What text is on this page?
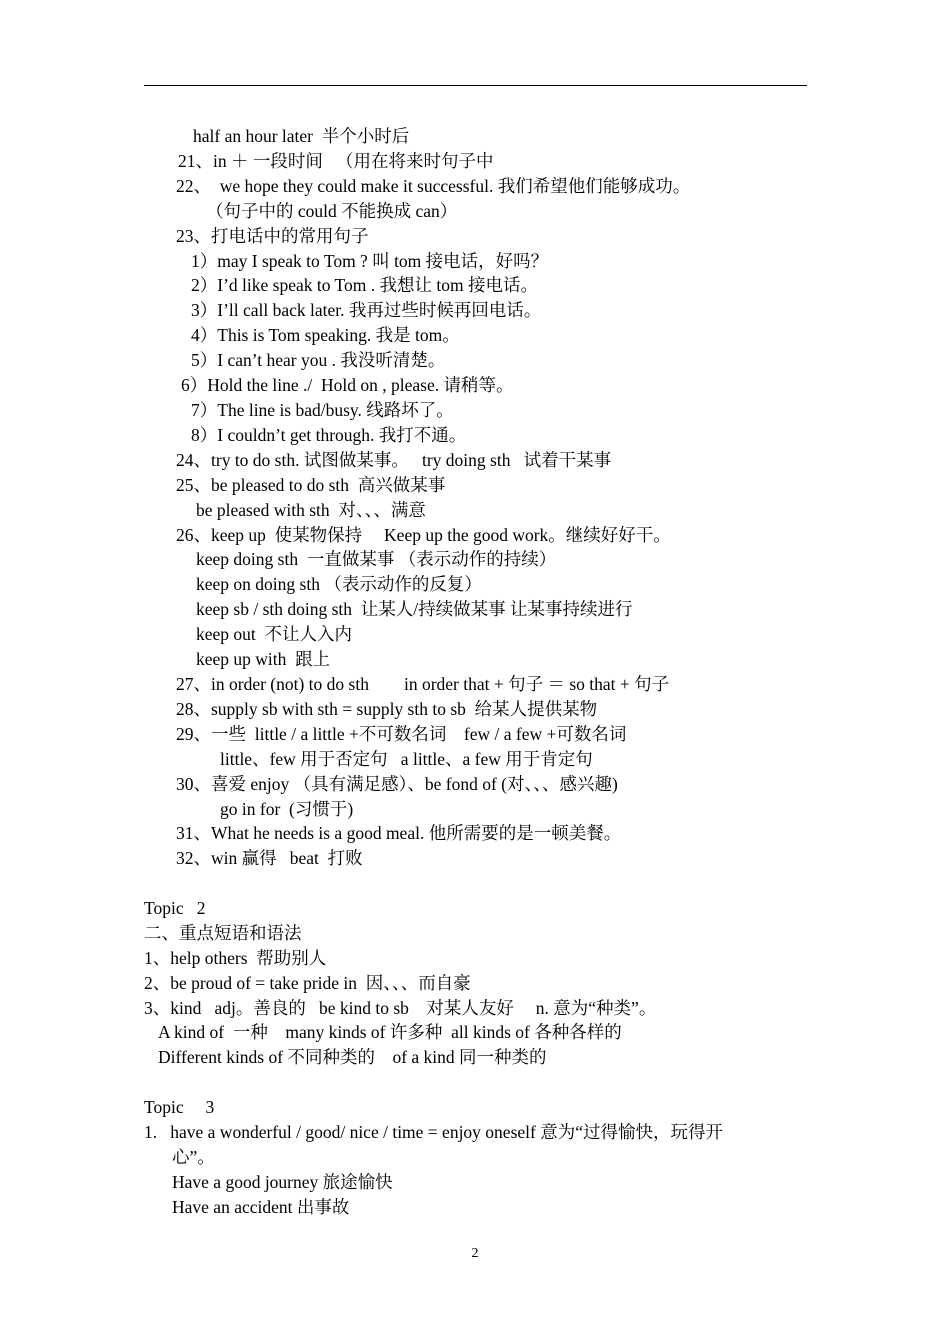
half an hour later  半个小时后
21、in ＋ 一段时间   （用在将来时句子中
22、  we hope they could make it successful. 我们希望他们能够成功。
（句子中的 could 不能换成 can）
23、打电话中的常用句子
1）may I speak to Tom ? 叫 tom 接电话，好吗？
2）I’d like speak to Tom . 我想让 tom 接电话。
3）I’ll call back later. 我再过些时候再回电话。
4）This is Tom speaking. 我是 tom。
5）I can’t hear you . 我没听清楚。
6）Hold the line ./  Hold on , please. 请稍等。
7）The line is bad/busy. 线路坏了。
8）I couldn’t get through. 我打不通。
24、try to do sth. 试图做某事。   try doing sth   试着干某事
25、be pleased to do sth  高兴做某事
be pleased with sth  对、、、满意
26、keep up  使某物保持     Keep up the good work。继续好好干。
keep doing sth  一直做某事 （表示动作的持续）
keep on doing sth （表示动作的反复）
keep sb / sth doing sth  让某人/持续做某事 让某事持续进行
keep out  不让人入内
keep up with  跟上
27、in order (not) to do sth        in order that + 句子 ＝ so that + 句子
28、supply sb with sth = supply sth to sb  给某人提供某物
29、一些  little / a little +不可数名词    few / a few +可数名词
little、few 用于否定句   a little、a few 用于肯定句
30、喜爱 enjoy （具有满足感）、be fond of (对、、、感兴趣)
go in for  (习惯于)
31、What he needs is a good meal. 他所需要的是一顿美餐。
32、win 赢得   beat  打败
Topic   2
二、重点短语和语法
1、help others  帮助别人
2、be proud of = take pride in  因、、、而自豪
3、kind   adj。善良的   be kind to sb    对某人友好     n. 意为“种类”。
A kind of  一种    many kinds of 许多种  all kinds of 各种各样的
Different kinds of 不同种类的    of a kind 同一种类的
Topic     3
1.   have a wonderful / good/ nice / time = enjoy oneself 意为“过得愉快，玩得开
心”。
Have a good journey 旅途愉快
Have an accident 出事故
2
